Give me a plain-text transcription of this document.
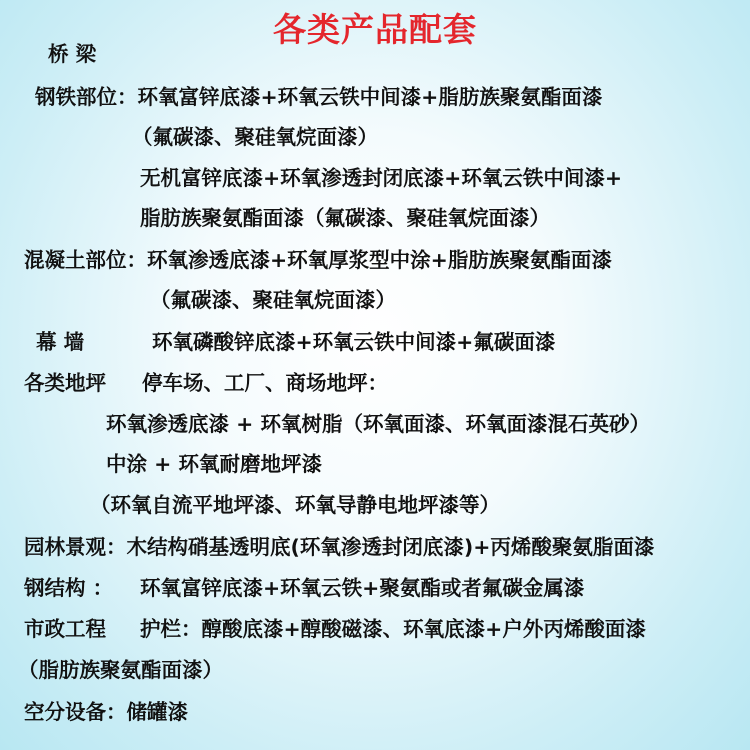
各类产品配套
桥 梁
钢铁部位：环氧富锌底漆+环氧云铁中间漆+脂肪族聚氨酯面漆
（氟碳漆、聚硅氧烷面漆）
无机富锌底漆+环氧渗透封闭底漆+环氧云铁中间漆+
脂肪族聚氨酯面漆（氟碳漆、聚硅氧烷面漆）
混凝土部位：环氧渗透底漆+环氧厚浆型中涂+脂肪族聚氨酯面漆
（氟碳漆、聚硅氧烷面漆）
幕 墙	环氧磷酸锌底漆+环氧云铁中间漆+氟碳面漆
各类地坪 停车场、工厂、商场地坪：
环氧渗透底漆 + 环氧树脂（环氧面漆、环氧面漆混石英砂）
中涂 + 环氧耐磨地坪漆
（环氧自流平地坪漆、环氧导静电地坪漆等）
园林景观：木结构硝基透明底(环氧渗透封闭底漆)+丙烯酸聚氨脂面漆
钢结构 ： 环氧富锌底漆+环氧云铁+聚氨酯或者氟碳金属漆
市政工程 护栏：醇酸底漆+醇酸磁漆、环氧底漆+户外丙烯酸面漆
（脂肪族聚氨酯面漆）
空分设备：储罐漆
